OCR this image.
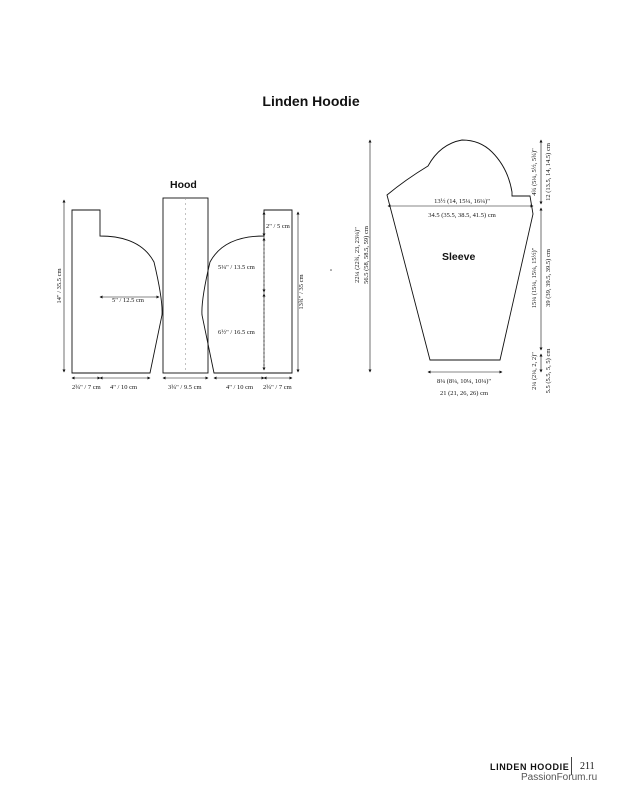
Linden Hoodie
Hood
14" / 35.5 cm	5" / 12.5 cm
2¾" / 7 cm 4" / 10 cm	3¾" / 9.5 cm	4" / 10 cm 2¾" / 7 cm
2" / 5 cm
5¼" / 13.5 cm
6½" / 16.5 cm
13¾" / 35 cm
Sleeve
13½ (14, 15¼, 16¼)"
34.5 (35.5, 38.5, 41.5) cm
8¼ (8¼, 10¼, 10¼)"
21 (21, 26, 26) cm
22¼ (22¾, 23, 23¼)" 56.5 (58, 58.5, 59) cm
4¾ (5¼, 5½, 5¾)" 12 (13.5, 14, 14.5) cm
15¼ (15¼, 15¼, 15½)" 39 (39, 39.5, 39.5) cm
2¼ (2¼, 2, 2)" 5.5 (5.5, 5, 5) cm
LINDEN HOODIE 211
PassionForum.ru
